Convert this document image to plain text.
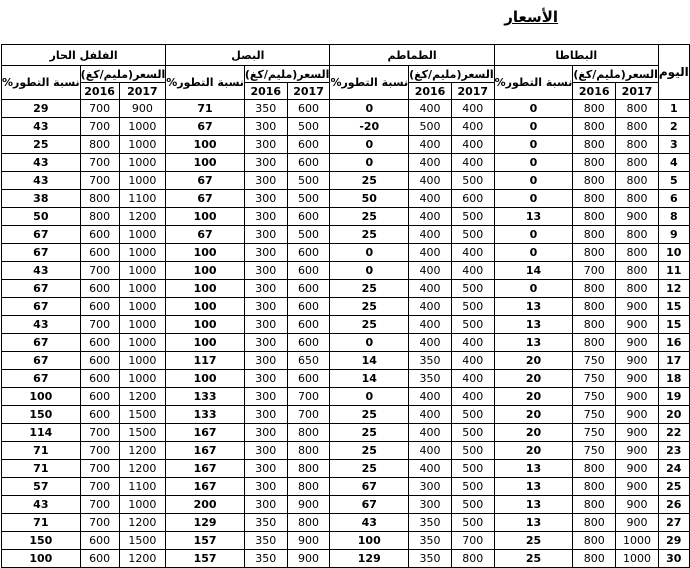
الأسعار
اليوم	البطاطا			الطماطم			البصل			الفلفل الحار		
	السعر(مليم/كغ)		نسبة التطور%	السعر(مليم/كغ)		نسبة التطور%	السعر(مليم/كغ)		نسبة التطور%	السعر(مليم/كغ)		نسبة التطور%
	2017	2016		2017	2016		2017	2016		2017	2016	
1	800	800	0	400	400	0	600	350	71	900	700	29
2	800	800	0	400	500	20-	500	300	67	1000	700	43
3	800	800	0	400	400	0	600	300	100	1000	800	25
4	800	800	0	400	400	0	600	300	100	1000	700	43
5	800	800	0	500	400	25	500	300	67	1000	700	43
6	800	800	0	600	400	50	500	300	67	1100	800	38
8	900	800	13	500	400	25	600	300	100	1200	800	50
9	800	800	0	500	400	25	500	300	67	1000	600	67
10	800	800	0	400	400	0	600	300	100	1000	600	67
11	800	700	14	400	400	0	600	300	100	1000	700	43
12	800	800	0	500	400	25	600	300	100	1000	600	67
15	900	800	13	500	400	25	600	300	100	1000	600	67
15	900	800	13	500	400	25	600	300	100	1000	700	43
16	900	800	13	400	400	0	600	300	100	1000	600	67
17	900	750	20	400	350	14	650	300	117	1000	600	67
18	900	750	20	400	350	14	600	300	100	1000	600	67
19	900	750	20	400	400	0	700	300	133	1200	600	100
20	900	750	20	500	400	25	700	300	133	1500	600	150
22	900	750	20	500	400	25	800	300	167	1500	700	114
23	900	750	20	500	400	25	800	300	167	1200	700	71
24	900	800	13	500	400	25	800	300	167	1200	700	71
25	900	800	13	500	300	67	800	300	167	1100	700	57
26	900	800	13	500	300	67	900	300	200	1000	700	43
27	900	800	13	500	350	43	800	350	129	1200	700	71
29	1000	800	25	700	350	100	900	350	157	1500	600	150
30	1000	800	25	800	350	129	900	350	157	1200	600	100
